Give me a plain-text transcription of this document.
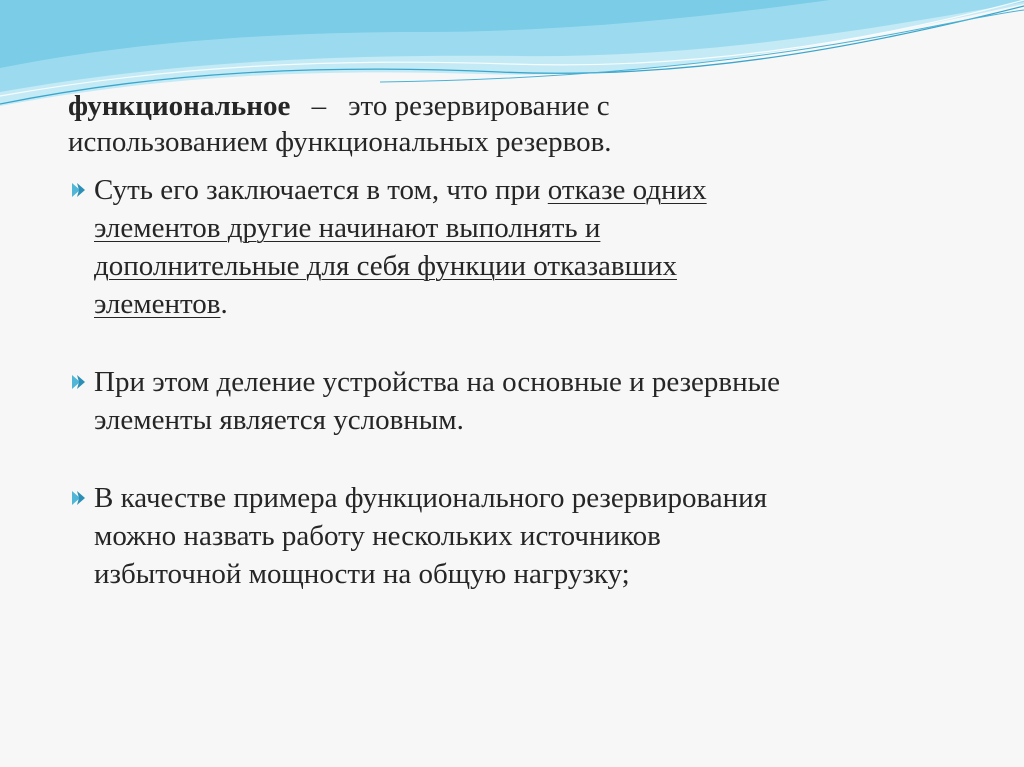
функциональное – это резервирование с
использованием функциональных резервов.

Суть его заключается в том, что при отказе одних
элементов другие начинают выполнять и
дополнительные для себя функции отказавших
элементов.
При этом деление устройства на основные и резервные
элементы является условным.
В качестве примера функционального резервирования
можно назвать работу нескольких источников
избыточной мощности на общую нагрузку;
